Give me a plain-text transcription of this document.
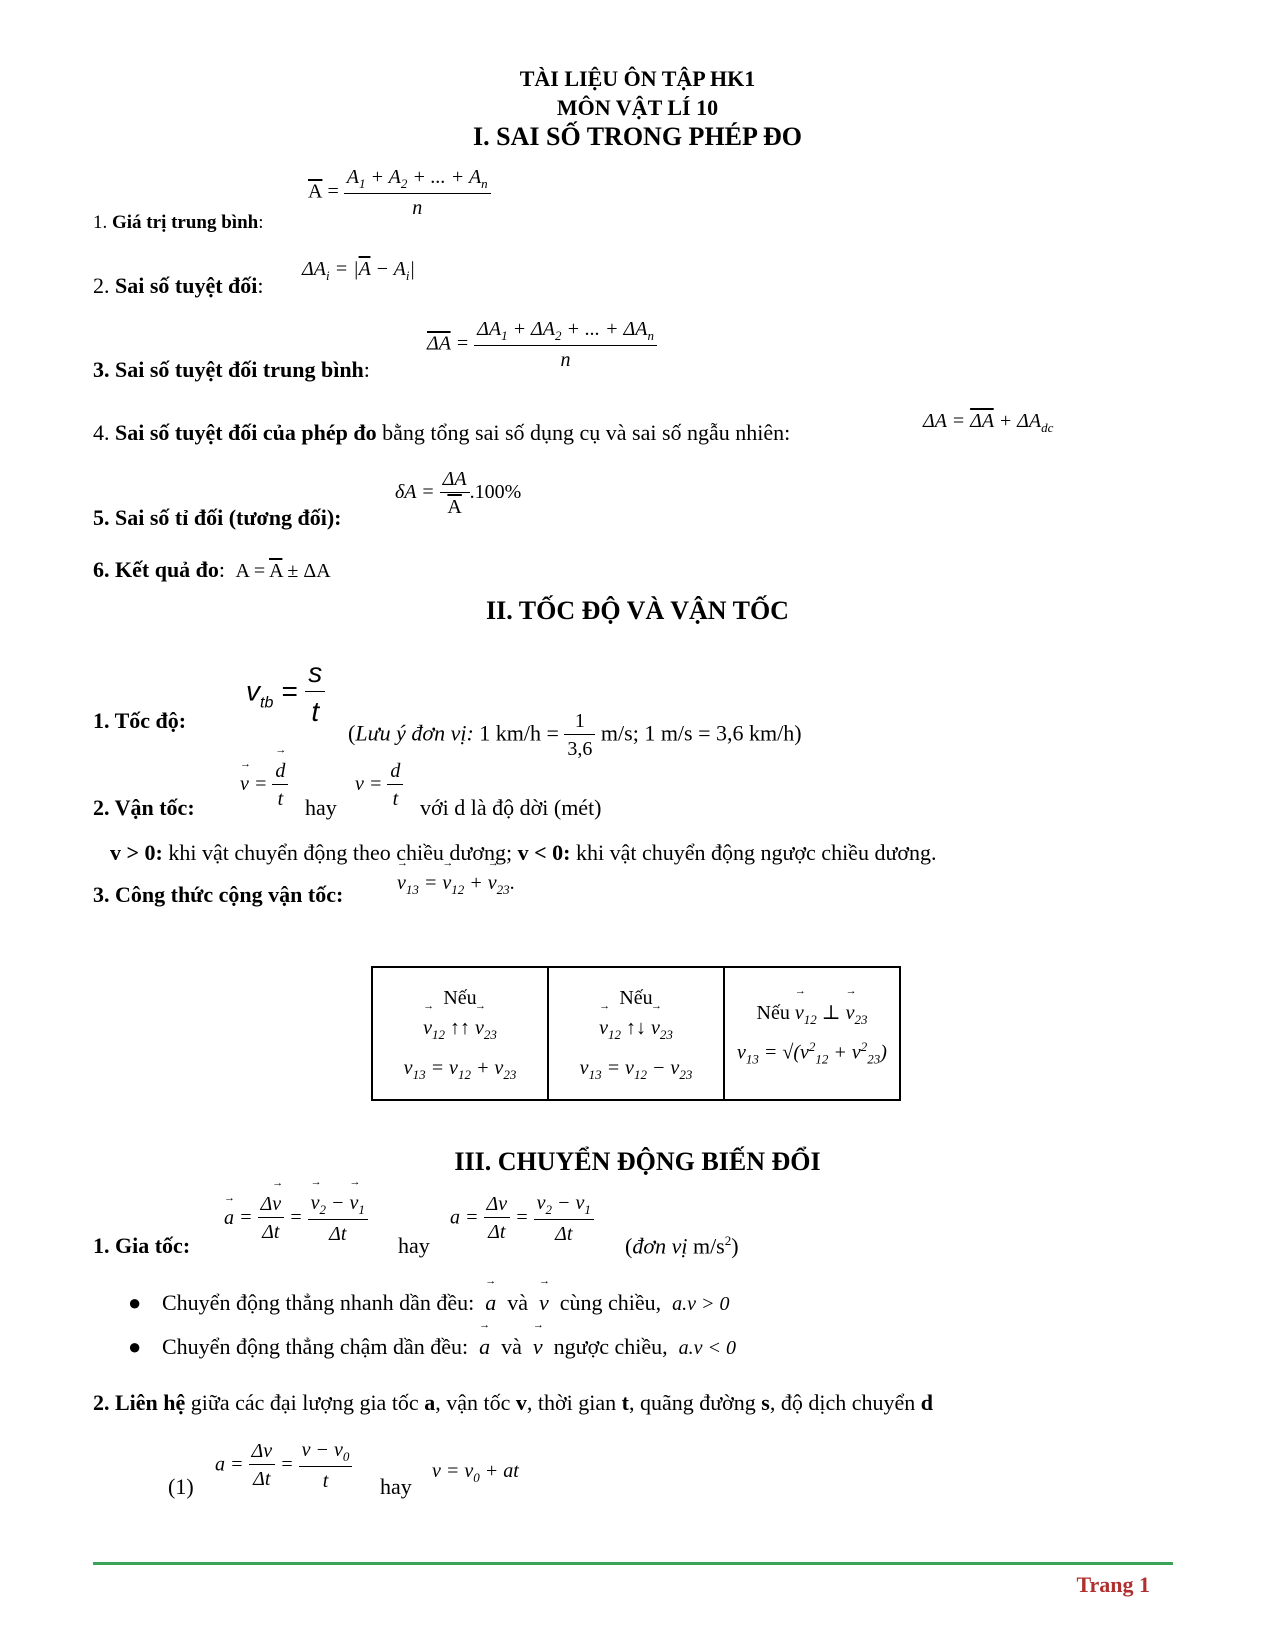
TÀI LIỆU ÔN TẬP HK1
MÔN VẬT LÍ 10
I. SAI SỐ TRONG PHÉP ĐO
$\overline{A} = \frac{A_1 + A_2 + ... + A_n}{n}$
1. Giá trị trung bình:
$\Delta A_i = |\overline{A} - A_i|$
2. Sai số tuyệt đối:
$\overline{\Delta A} = \frac{\Delta A_1 + \Delta A_2 + ... + \Delta A_n}{n}$
3. Sai số tuyệt đối trung bình:
4. Sai số tuyệt đối của phép đo bằng tổng sai số dụng cụ và sai số ngẫu nhiên:	$\Delta A = \overline{\Delta A} + \Delta A_{dc}$
$\delta A = \frac{\Delta A}{A} .100\%$
5. Sai số tỉ đối (tương đối):
6. Kết quả đo:  $A = \overline{A} \pm \Delta A$
II. TỐC ĐỘ VÀ VẬN TỐC
$v_{tb} = \frac{s}{t}$
1. Tốc độ:
(Lưu ý đơn vị: 1 $km/h = \frac{1}{3,6} m/s$; 1 m/s = 3,6 km/h)
→ v = → $\frac{d}{t}$
2. Vận tốc:	hay
$v = \frac{d}{t}$ với d là độ dời (mét)
v > 0: khi vật chuyển động theo chiều dương; v < 0: khi vật chuyển động ngược chiều dương.
3. Công thức cộng vận tốc:	→ $v_{13}$ = → $v_{12}$ + → $v_{23}$.
Nếu
→ $v_{12}$ ↑↑ → $v_{23}$
$v_{13} = v_{12} + v_{23}$

Nếu
→ $v_{12}$ ↑↓ → $v_{23}$
$v_{13} = v_{12} - v_{23}$

Nếu → $v_{12}$ ⊥ → $v_{23}$
$v_{13} = √(v^2_{12} + v^2_{23})$
III. CHUYỂN ĐỘNG BIẾN ĐỔI
→ $a = \frac{\Delta\to v}{\Delta t}$ = → $\frac{v_2 - \to v_1}{\Delta t}$
1. Gia tốc:	hay
$a = \frac{\Delta v}{\Delta t} = \frac{v_2 - v_1}{\Delta t}$ (đơn vị $m/s^2$)
● Chuyển động thẳng nhanh dần đều: → a và → v cùng chiều, a.v > 0
● Chuyển động thẳng chậm dần đều: → a và → v ngược chiều, a.v < 0
2. Liên hệ giữa các đại lượng gia tốc a, vận tốc v, thời gian t, quãng đường s, độ dịch chuyển d
(1)
$a = \frac{\Delta v}{\Delta t} = \frac{v - v_0}{t}$ hay
$v = v_0$ + at
Trang 1
